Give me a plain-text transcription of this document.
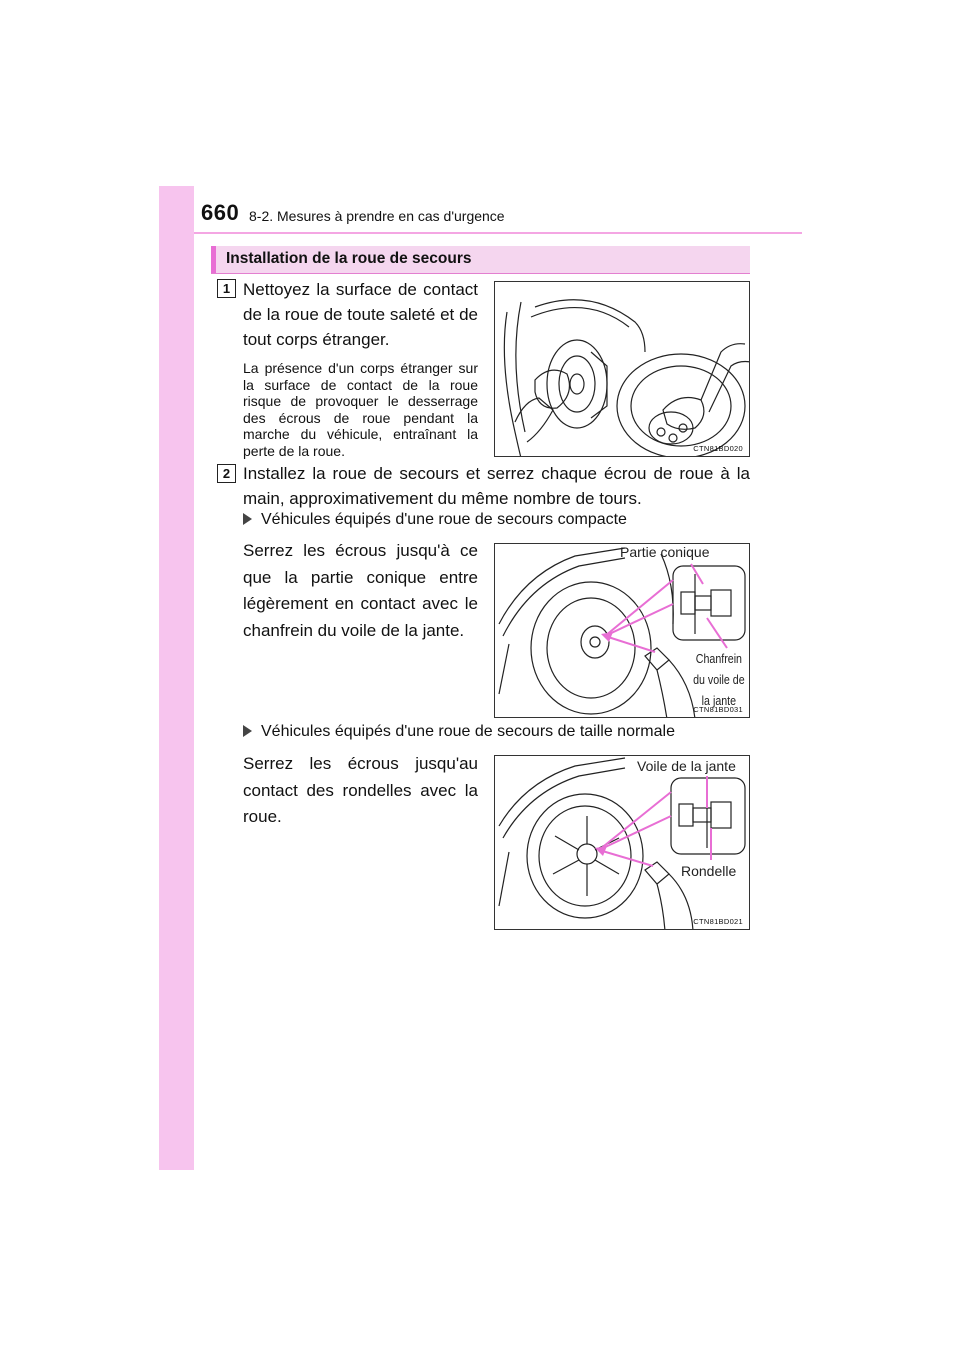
660 8-2. Mesures à prendre en cas d'urgence
Installation de la roue de secours
1 Nettoyez la surface de contact de la roue de toute saleté et de tout corps étranger.
La présence d'un corps étranger sur la surface de contact de la roue risque de provoquer le desserrage des écrous de roue pendant la marche du véhicule, entraînant la perte de la roue.	CTN81BD020
2 Installez la roue de secours et serrez chaque écrou de roue à la main, approximativement du même nombre de tours.
Véhicules équipés d'une roue de secours compacte
Serrez les écrous jusqu'à ce que la partie conique entre légèrement en contact avec le chanfrein du voile de la jante.
Partie conique
Chanfrein du voile de la jante
CTN81BD031
Véhicules équipés d'une roue de secours de taille normale
Serrez les écrous jusqu'au contact des rondelles avec la roue.
Voile de la jante
Rondelle
CTN81BD021
